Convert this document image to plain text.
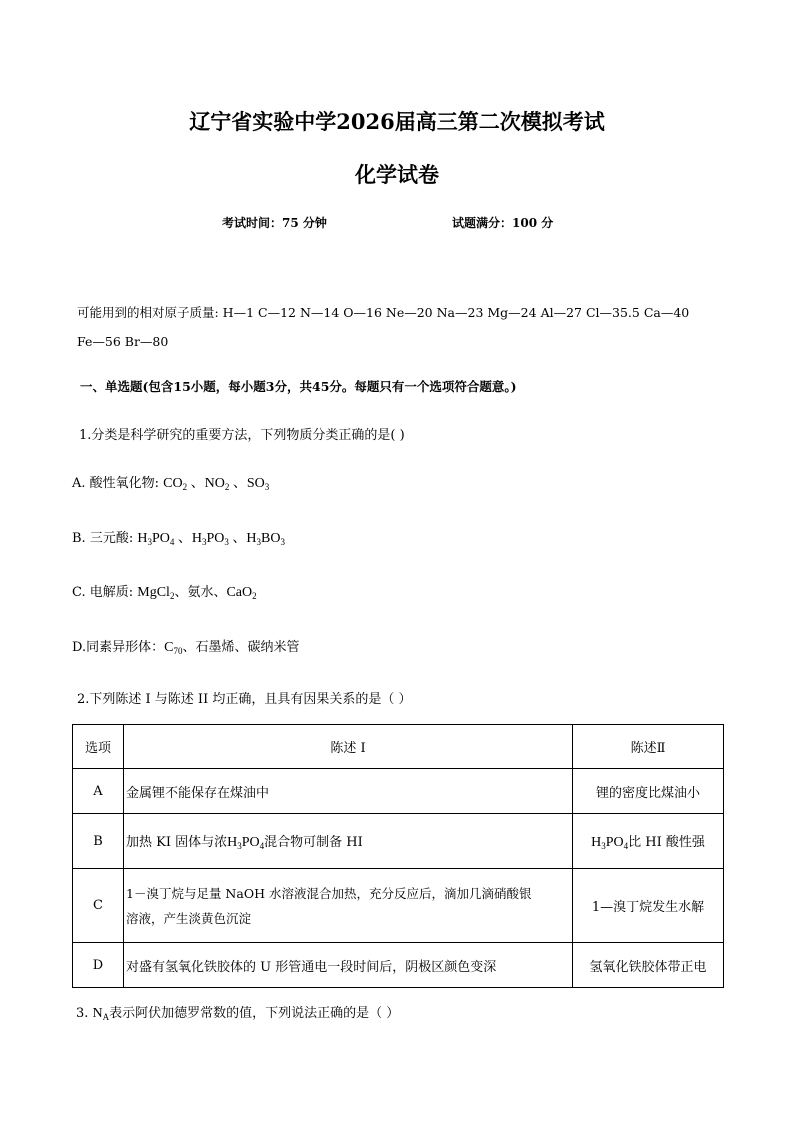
辽宁省实验中学2026届高三第二次模拟考试
化学试卷
考试时间：75 分钟	试题满分：100 分
可能用到的相对原子质量: H—1 C—12 N—14 O—16 Ne—20 Na—23 Mg—24 Al—27 Cl—35.5 Ca—40
Fe—56 Br—80
一、单选题(包含15小题，每小题3分，共45分。每题只有一个选项符合题意。)
1.分类是科学研究的重要方法，下列物质分类正确的是( )
A. 酸性氧化物: $CO_2$ 、$NO_2$ 、$SO_3$
B. 三元酸: $H_3PO_4$ 、$H_3PO_3$ 、$H_3BO_3$
C. 电解质: MgCl$_2$、氨水、CaO$_2$
D.同素异形体：$C_{70}$、石墨烯、碳纳米管
2.下列陈述 I 与陈述 II 均正确，且具有因果关系的是（ ）
选项	陈述 I	陈述Ⅱ
A	金属锂不能保存在煤油中	锂的密度比煤油小
B	加热 KI 固体与浓$H_3PO_4$混合物可制备 HI	$H_3PO_4$比 HI 酸性强
C	1－溴丁烷与足量 NaOH 水溶液混合加热，充分反应后，滴加几滴硝酸银
溶液，产生淡黄色沉淀	1—溴丁烷发生水解
D	对盛有氢氧化铁胶体的 U 形管通电一段时间后，阴极区颜色变深	氢氧化铁胶体带正电
3. $N_A$表示阿伏加德罗常数的值，下列说法正确的是（ ）
